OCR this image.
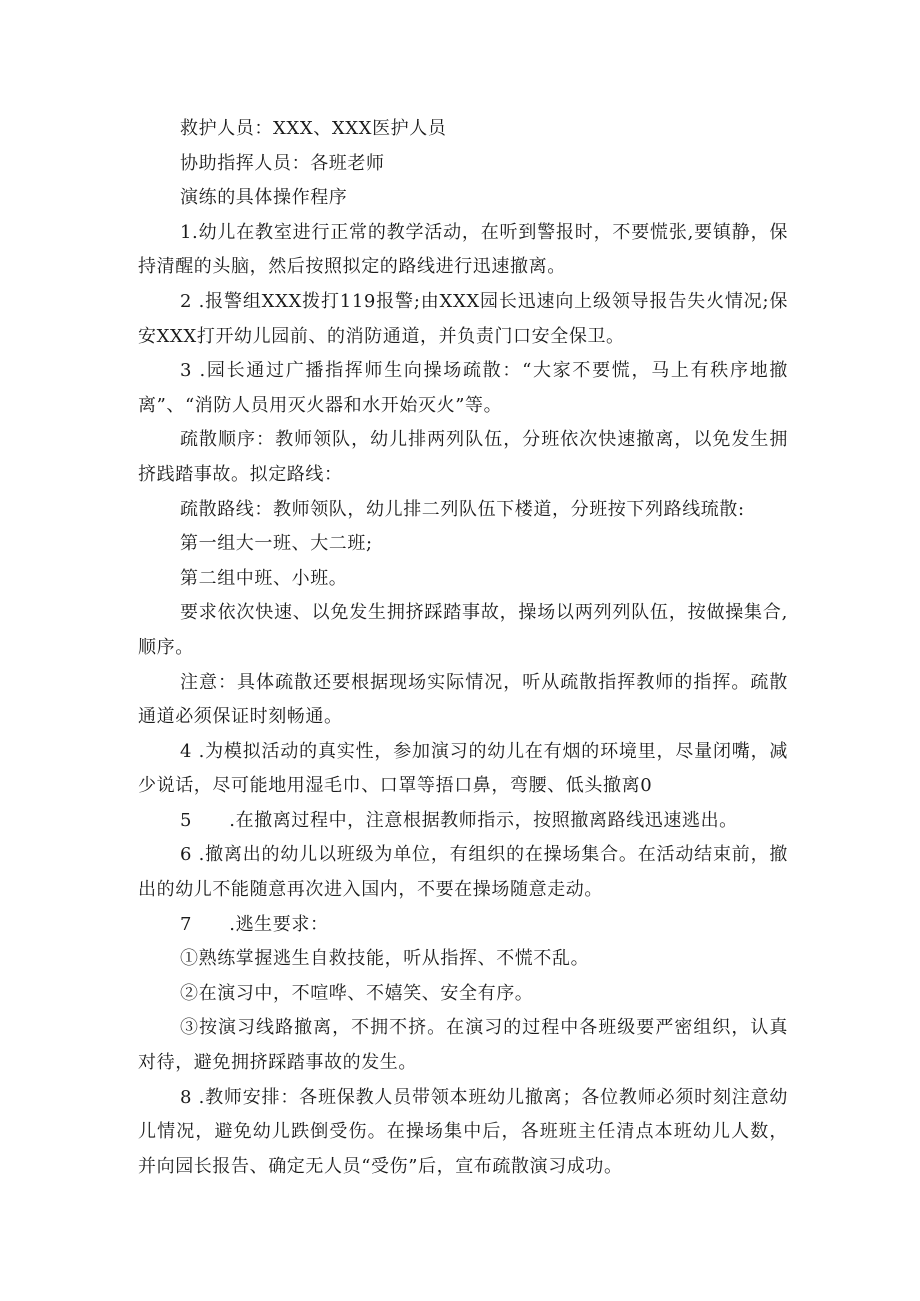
救护人员：XXX、XXX医护人员

协助指挥人员：各班老师

演练的具体操作程序

1.幼儿在教室进行正常的教学活动，在听到警报时，不要慌张,要镇静，保持清醒的头脑，然后按照拟定的路线进行迅速撤离。

2 .报警组XXX拨打119报警;由XXX园长迅速向上级领导报告失火情况;保安XXX打开幼儿园前、的消防通道，并负责门口安全保卫。

3 .园长通过广播指挥师生向操场疏散：“大家不要慌，马上有秩序地撤离”、“消防人员用灭火器和水开始灭火”等。

疏散顺序：教师领队，幼儿排两列队伍，分班依次快速撤离，以免发生拥挤践踏事故。拟定路线：

疏散路线：教师领队，幼儿排二列队伍下楼道，分班按下列路线琉散:

第一组大一班、大二班;

第二组中班、小班。

要求依次快速、以免发生拥挤踩踏事故，操场以两列列队伍，按做操集合,顺序。

注意：具体疏散还要根据现场实际情况，听从疏散指挥教师的指挥。疏散通道必须保证时刻畅通。

4 .为模拟活动的真实性，参加演习的幼儿在有烟的环境里，尽量闭嘴，减少说话，尽可能地用湿毛巾、口罩等捂口鼻，弯腰、低头撤离0

5　　.在撤离过程中，注意根据教师指示，按照撤离路线迅速逃出。

6 .撤离出的幼儿以班级为单位，有组织的在操场集合。在活动结束前，撤出的幼儿不能随意再次进入国内，不要在操场随意走动。

7　　.逃生要求：

①熟练掌握逃生自救技能，听从指挥、不慌不乱。

②在演习中，不喧哗、不嬉笑、安全有序。

③按演习线路撤离，不拥不挤。在演习的过程中各班级要严密组织，认真对待，避免拥挤踩踏事故的发生。

8 .教师安排：各班保教人员带领本班幼儿撤离；各位教师必须时刻注意幼儿情况，避免幼儿跌倒受伤。在操场集中后，各班班主任清点本班幼儿人数，并向园长报告、确定无人员“受伤”后，宣布疏散演习成功。
